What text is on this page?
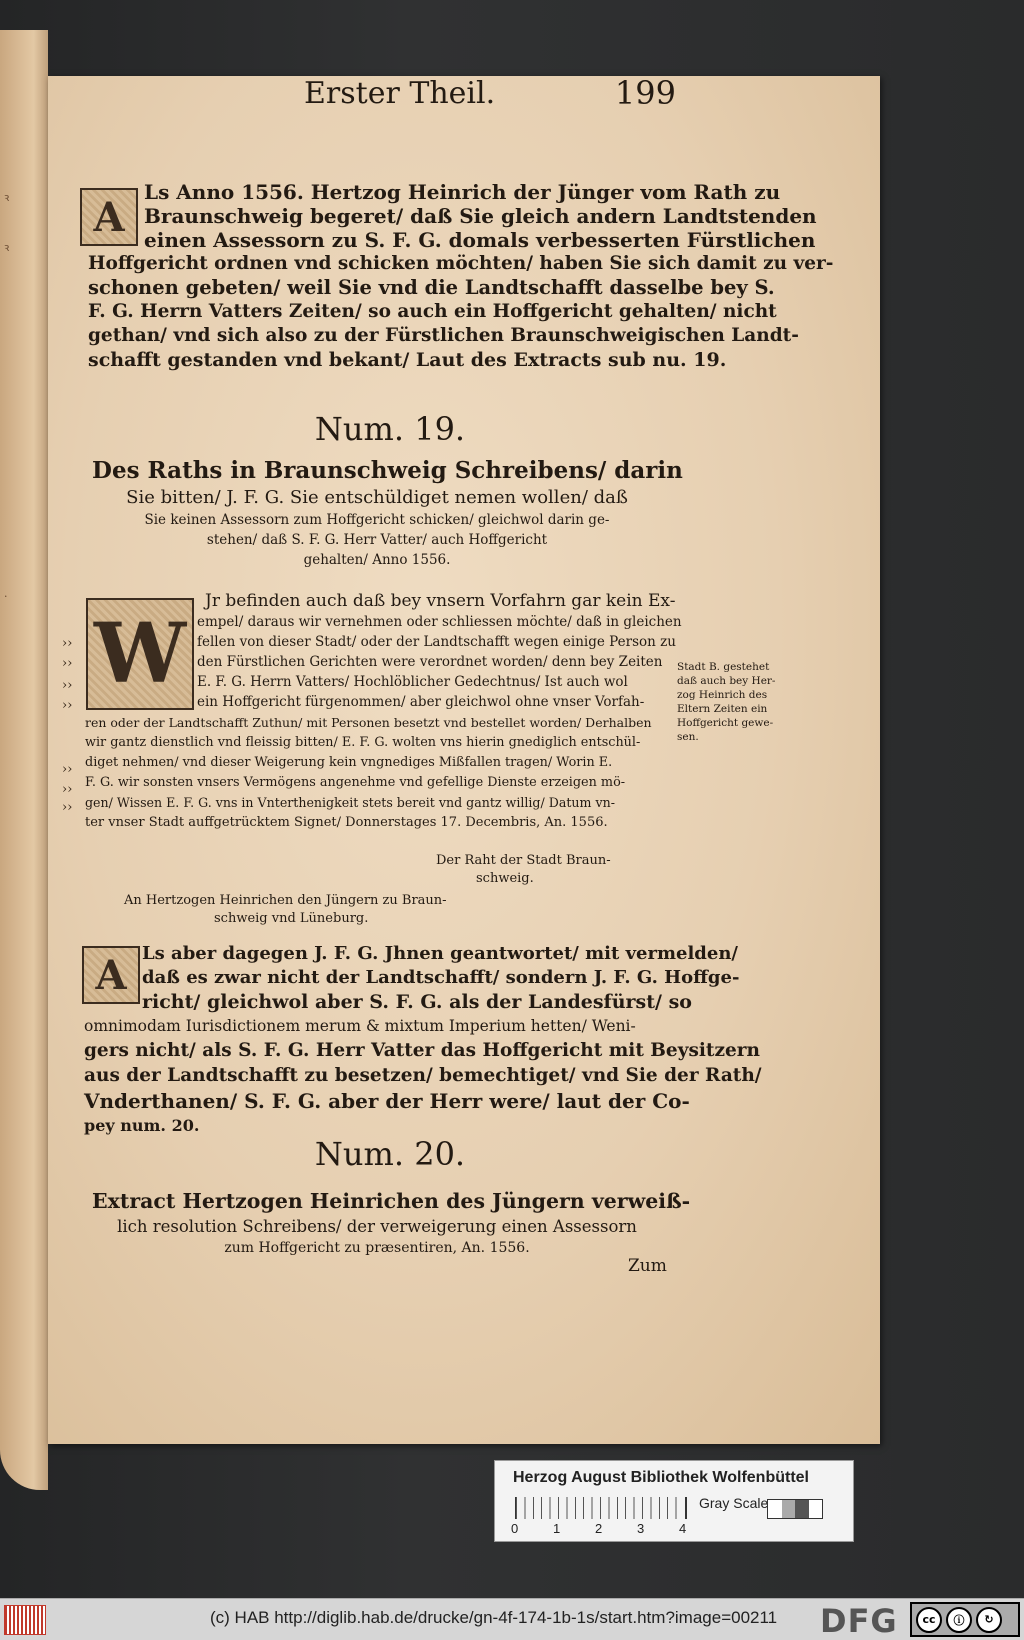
ꝛ
ꝛ
·
Erster Theil.	199
A
Ls Anno 1556. Hertzog Heinrich der Jünger vom Rath zu
Braunschweig begeret/ daß Sie gleich andern Landtstenden
einen Assessorn zu S. F. G. domals verbesserten Fürstlichen
Hoffgericht ordnen vnd schicken möchten/ haben Sie sich damit zu ver-
schonen gebeten/ weil Sie vnd die Landtschafft dasselbe bey S.
F. G. Herrn Vatters Zeiten/ so auch ein Hoffgericht gehalten/ nicht
gethan/ vnd sich also zu der Fürstlichen Braunschweigischen Landt-
schafft gestanden vnd bekant/ Laut des Extracts sub nu. 19.
Num. 19.
Des Raths in Braunschweig Schreibens/ darin
Sie bitten/ J. F. G. Sie entschüldiget nemen wollen/ daß
Sie keinen Assessorn zum Hoffgericht schicken/ gleichwol darin ge-
stehen/ daß S. F. G. Herr Vatter/ auch Hoffgericht
gehalten/ Anno 1556.
W
››
››
››
››
››
››
››
Jr befinden auch daß bey vnsern Vorfahrn gar kein Ex-
empel/ daraus wir vernehmen oder schliessen möchte/ daß in gleichen
fellen von dieser Stadt/ oder der Landtschafft wegen einige Person zu
den Fürstlichen Gerichten were verordnet worden/ denn bey Zeiten
E. F. G. Herrn Vatters/ Hochlöblicher Gedechtnus/ Ist auch wol
ein Hoffgericht fürgenommen/ aber gleichwol ohne vnser Vorfah-
ren oder der Landtschafft Zuthun/ mit Personen besetzt vnd bestellet worden/ Derhalben
wir gantz dienstlich vnd fleissig bitten/ E. F. G. wolten vns hierin gnediglich entschül-
diget nehmen/ vnd dieser Weigerung kein vngnediges Mißfallen tragen/ Worin E.
F. G. wir sonsten vnsers Vermögens angenehme vnd gefellige Dienste erzeigen mö-
gen/ Wissen E. F. G. vns in Vnterthenigkeit stets bereit vnd gantz willig/ Datum vn-
ter vnser Stadt auffgetrücktem Signet/ Donnerstages 17. Decembris, An. 1556.
Stadt B. gestehet
daß auch bey Her-
zog Heinrich des
Eltern Zeiten ein
Hoffgericht gewe-
sen.
Der Raht der Stadt Braun-
schweig.
An Hertzogen Heinrichen den Jüngern zu Braun-
schweig vnd Lüneburg.
A Ls aber dagegen J. F. G. Jhnen geantwortet/ mit vermelden/
daß es zwar nicht der Landtschafft/ sondern J. F. G. Hoffge-
richt/ gleichwol aber S. F. G. als der Landesfürst/ so
omnimodam Iurisdictionem merum & mixtum Imperium hetten/ Weni-
gers nicht/ als S. F. G. Herr Vatter das Hoffgericht mit Beysitzern
aus der Landtschafft zu besetzen/ bemechtiget/ vnd Sie der Rath/
Vnderthanen/ S. F. G. aber der Herr were/ laut der Co-
pey num. 20.
Num. 20.
Extract Hertzogen Heinrichen des Jüngern verweiß-
lich resolution Schreibens/ der verweigerung einen Assessorn
zum Hoffgericht zu præsentiren, An. 1556.
Zum
Herzog August Bibliothek Wolfenbüttel
0	1	2	3	4
Gray Scale
(c) HAB http://diglib.hab.de/drucke/gn-4f-174-1b-1s/start.htm?image=00211 DFG	cc	ⓘ	↻
